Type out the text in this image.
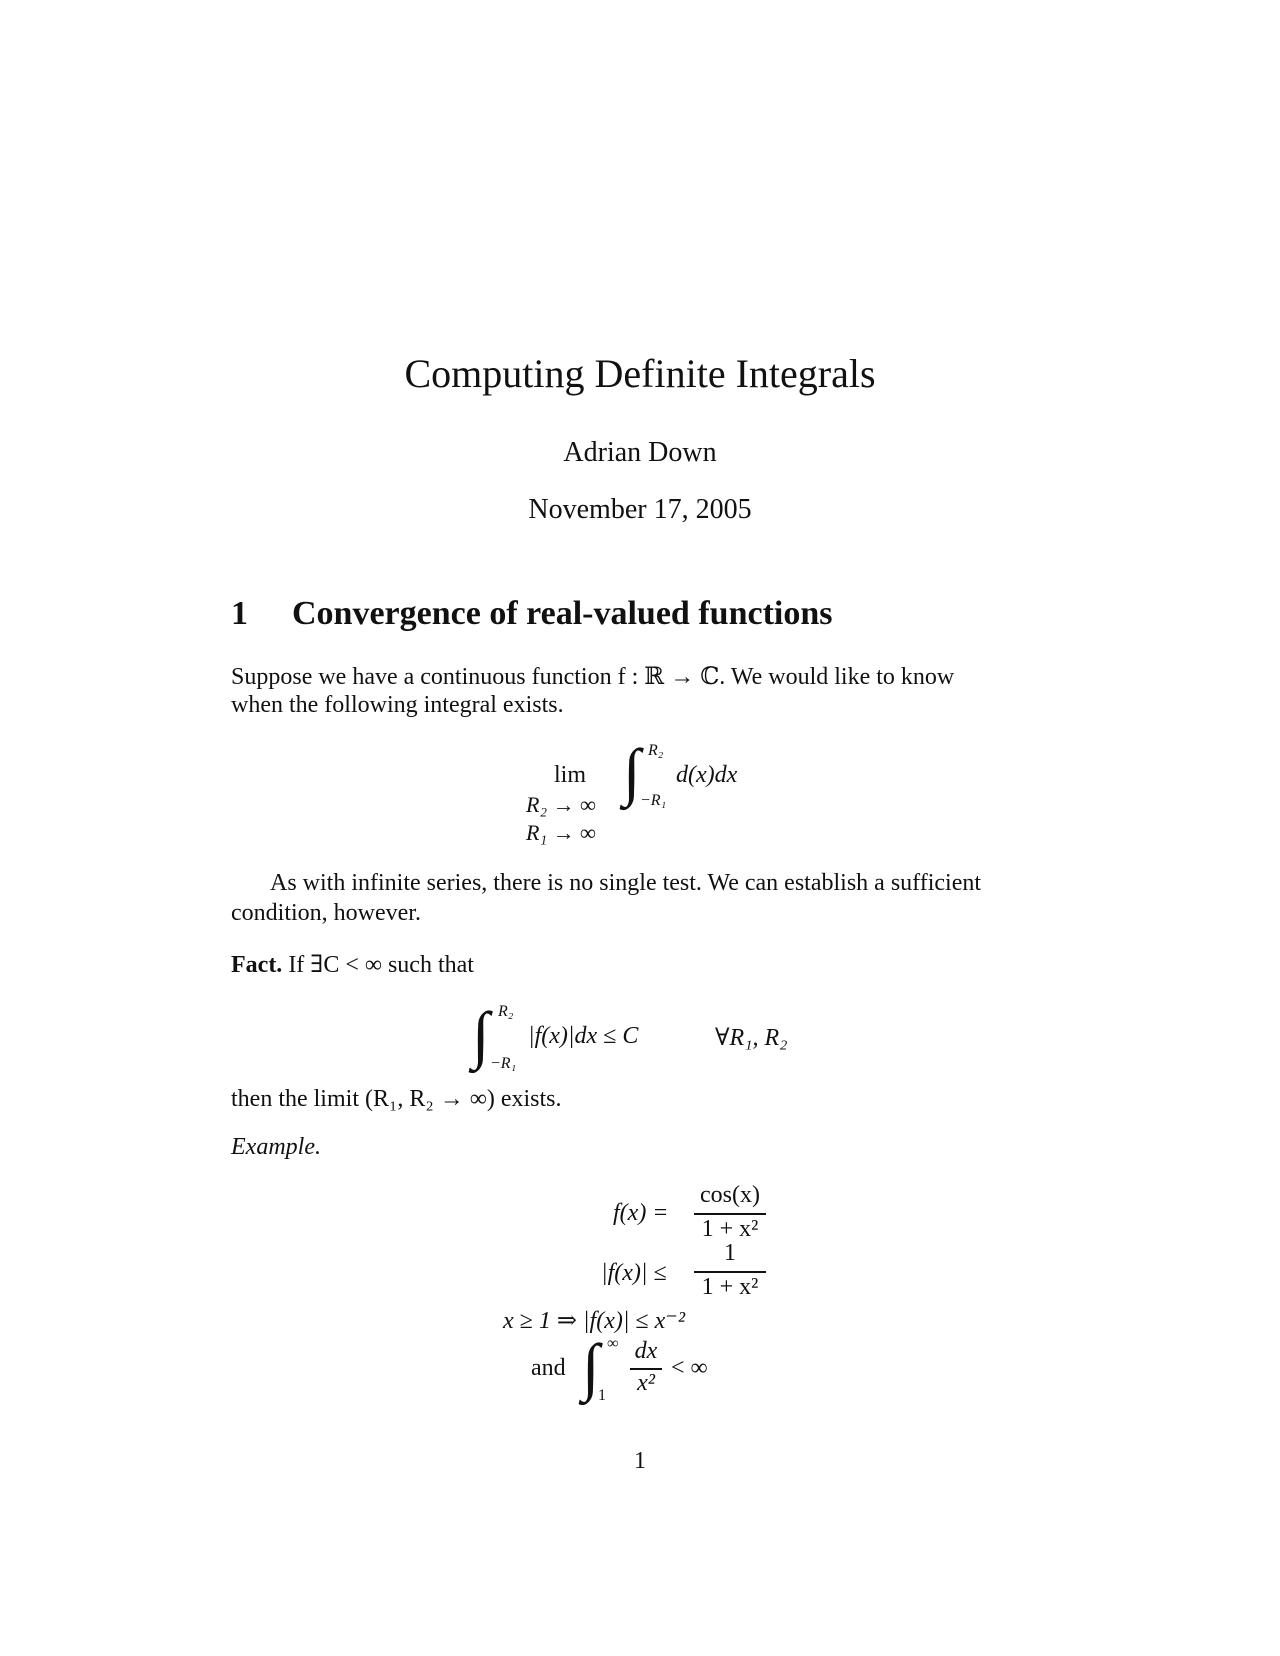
Computing Definite Integrals
Adrian Down
November 17, 2005
1 Convergence of real-valued functions
Suppose we have a continuous function f : ℝ → ℂ. We would like to know
when the following integral exists.
lim
R₂ → ∞
R₁ → ∞
∫ R₂
−R₁
d(x)dx
As with infinite series, there is no single test. We can establish a sufficient
condition, however.
Fact. If ∃C < ∞ such that
∫ R₂
−R₁
|f(x)|dx ≤ C	∀R₁, R₂
then the limit (R₁, R₂ → ∞) exists.
Example.
f(x) =
cos(x)
1 + x²
|f(x)| ≤
1
1 + x²
x ≥ 1 ⇒ |f(x)| ≤ x⁻²
and ∫ ∞
1
dx
x²
< ∞
1
